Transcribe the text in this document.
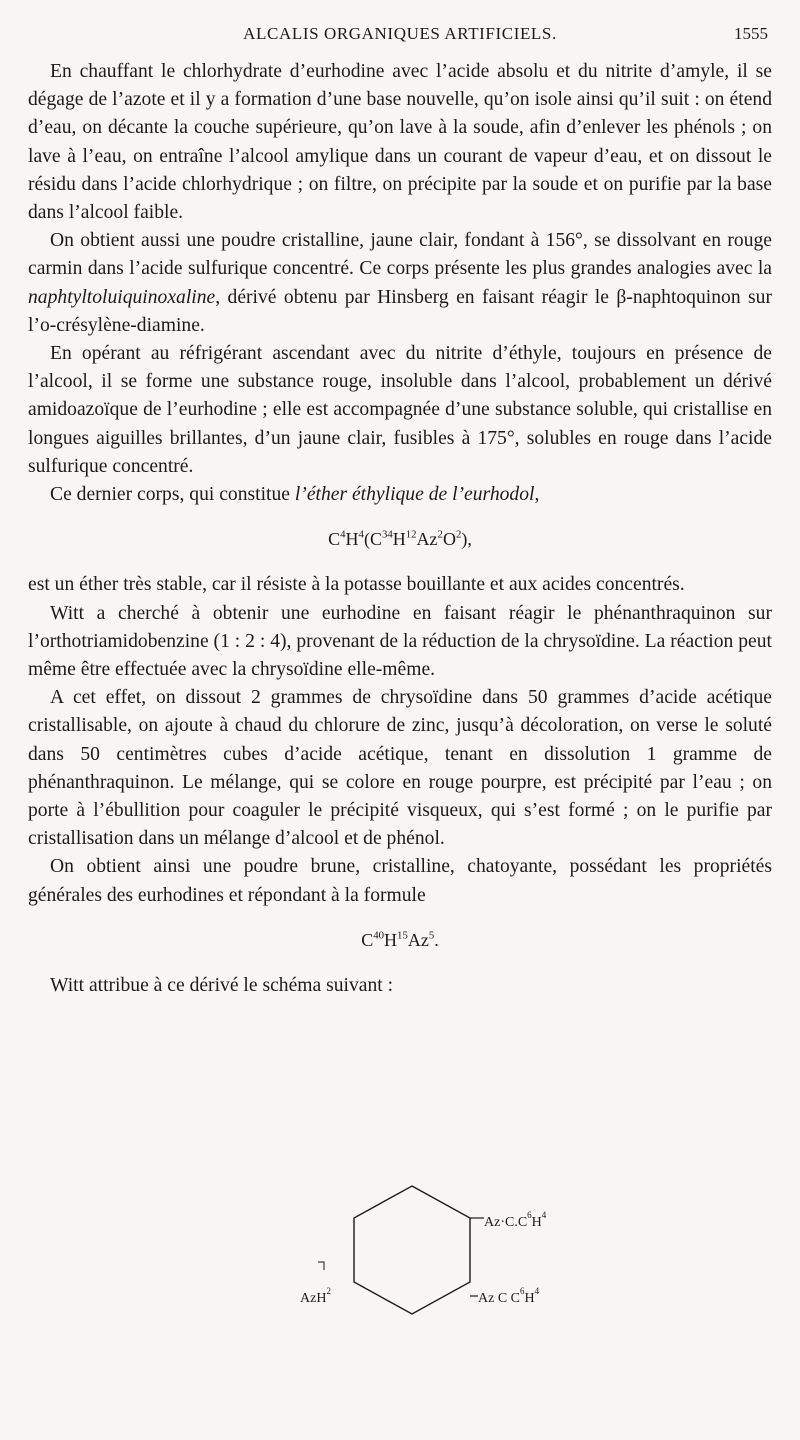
ALCALIS ORGANIQUES ARTIFICIELS.	1555

En chauffant le chlorhydrate d’eurhodine avec l’acide absolu et du nitrite d’amyle, il se dégage de l’azote et il y a formation d’une base nouvelle, qu’on isole ainsi qu’il suit : on étend d’eau, on décante la couche supérieure, qu’on lave à la soude, afin d’enlever les phénols ; on lave à l’eau, on entraîne l’alcool amylique dans un courant de vapeur d’eau, et on dissout le résidu dans l’acide chlorhydrique ; on filtre, on précipite par la soude et on purifie par la base dans l’alcool faible.

On obtient aussi une poudre cristalline, jaune clair, fondant à 156°, se dissolvant en rouge carmin dans l’acide sulfurique concentré. Ce corps présente les plus grandes analogies avec la naphtyltoluiquinoxaline, dérivé obtenu par Hinsberg en faisant réagir le β-naphtoquinon sur l’o-crésylène-diamine.

En opérant au réfrigérant ascendant avec du nitrite d’éthyle, toujours en présence de l’alcool, il se forme une substance rouge, insoluble dans l’alcool, probablement un dérivé amidoazoïque de l’eurhodine ; elle est accompagnée d’une substance soluble, qui cristallise en longues aiguilles brillantes, d’un jaune clair, fusibles à 175°, solubles en rouge dans l’acide sulfurique concentré.

Ce dernier corps, qui constitue l’éther éthylique de l’eurhodol,

$C^4H^4(C^{34}H^{12}Az^2O^2)$,

est un éther très stable, car il résiste à la potasse bouillante et aux acides concentrés.

Witt a cherché à obtenir une eurhodine en faisant réagir le phénanthraquinon sur l’orthotriamidobenzine (1 : 2 : 4), provenant de la réduction de la chrysoïdine. La réaction peut même être effectuée avec la chrysoïdine elle-même.

A cet effet, on dissout 2 grammes de chrysoïdine dans 50 grammes d’acide acétique cristallisable, on ajoute à chaud du chlorure de zinc, jusqu’à décoloration, on verse le soluté dans 50 centimètres cubes d’acide acétique, tenant en dissolution 1 gramme de phénanthraquinon. Le mélange, qui se colore en rouge pourpre, est précipité par l’eau ; on porte à l’ébullition pour coaguler le précipité visqueux, qui s’est formé ; on le purifie par cristallisation dans un mélange d’alcool et de phénol.

On obtient ainsi une poudre brune, cristalline, chatoyante, possédant les propriétés générales des eurhodines et répondant à la formule

$C^{40}H^{15}Az^5$.

Witt attribue à ce dérivé le schéma suivant :

AzH$^2$
$Az\cdot C.C^6H^4$
Az C $C^6H^4$
